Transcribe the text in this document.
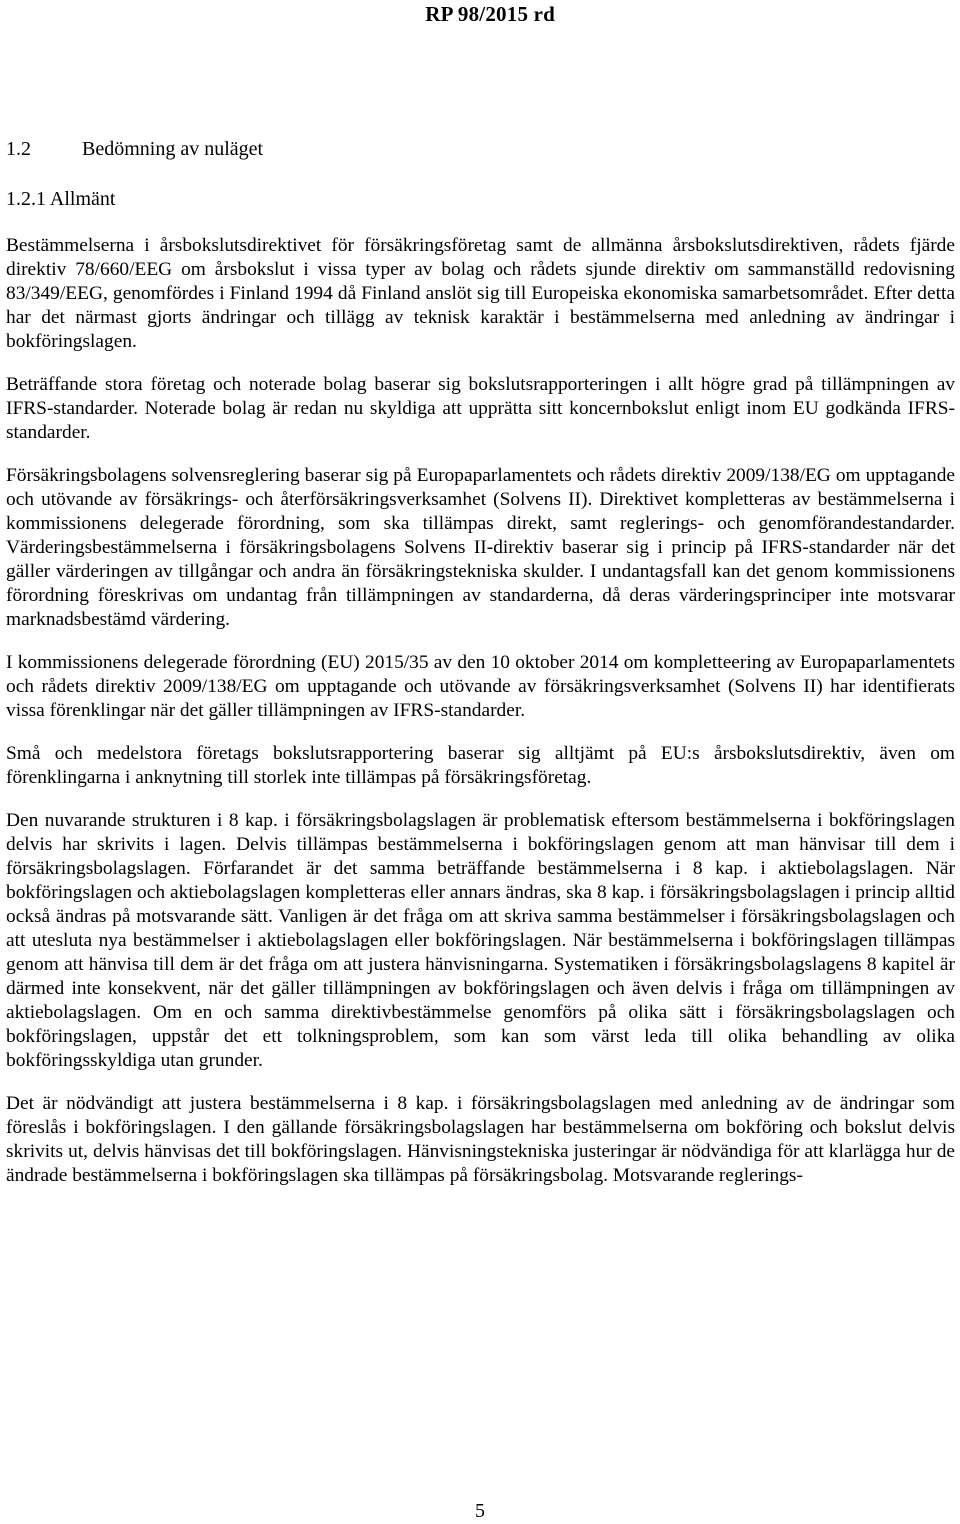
RP 98/2015 rd
1.2	Bedömning av nuläget
1.2.1 Allmänt

Bestämmelserna i årsbokslutsdirektivet för försäkringsföretag samt de allmänna årsbokslutsdirektiven, rådets fjärde direktiv 78/660/EEG om årsbokslut i vissa typer av bolag och rådets sjunde direktiv om sammanställd redovisning 83/349/EEG, genomfördes i Finland 1994 då Finland anslöt sig till Europeiska ekonomiska samarbetsområdet. Efter detta har det närmast gjorts ändringar och tillägg av teknisk karaktär i bestämmelserna med anledning av ändringar i bokföringslagen.

Beträffande stora företag och noterade bolag baserar sig bokslutsrapporteringen i allt högre grad på tillämpningen av IFRS-standarder. Noterade bolag är redan nu skyldiga att upprätta sitt koncernbokslut enligt inom EU godkända IFRS-standarder.

Försäkringsbolagens solvensreglering baserar sig på Europaparlamentets och rådets direktiv 2009/138/EG om upptagande och utövande av försäkrings- och återförsäkringsverksamhet (Solvens II). Direktivet kompletteras av bestämmelserna i kommissionens delegerade förordning, som ska tillämpas direkt, samt reglerings- och genomförandestandarder. Värderingsbestämmelserna i försäkringsbolagens Solvens II-direktiv baserar sig i princip på IFRS-standarder när det gäller värderingen av tillgångar och andra än försäkringstekniska skulder. I undantagsfall kan det genom kommissionens förordning föreskrivas om undantag från tillämpningen av standarderna, då deras värderingsprinciper inte motsvarar marknadsbestämd värdering.

I kommissionens delegerade förordning (EU) 2015/35 av den 10 oktober 2014 om kompletteering av Europaparlamentets och rådets direktiv 2009/138/EG om upptagande och utövande av försäkringsverksamhet (Solvens II) har identifierats vissa förenklingar när det gäller tillämpningen av IFRS-standarder.

Små och medelstora företags bokslutsrapportering baserar sig alltjämt på EU:s årsbokslutsdirektiv, även om förenklingarna i anknytning till storlek inte tillämpas på försäkringsföretag.

Den nuvarande strukturen i 8 kap. i försäkringsbolagslagen är problematisk eftersom bestämmelserna i bokföringslagen delvis har skrivits i lagen. Delvis tillämpas bestämmelserna i bokföringslagen genom att man hänvisar till dem i försäkringsbolagslagen. Förfarandet är det samma beträffande bestämmelserna i 8 kap. i aktiebolagslagen. När bokföringslagen och aktiebolagslagen kompletteras eller annars ändras, ska 8 kap. i försäkringsbolagslagen i princip alltid också ändras på motsvarande sätt. Vanligen är det fråga om att skriva samma bestämmelser i försäkringsbolagslagen och att utesluta nya bestämmelser i aktiebolagslagen eller bokföringslagen. När bestämmelserna i bokföringslagen tillämpas genom att hänvisa till dem är det fråga om att justera hänvisningarna. Systematiken i försäkringsbolagslagens 8 kapitel är därmed inte konsekvent, när det gäller tillämpningen av bokföringslagen och även delvis i fråga om tillämpningen av aktiebolagslagen. Om en och samma direktivbestämmelse genomförs på olika sätt i försäkringsbolagslagen och bokföringslagen, uppstår det ett tolkningsproblem, som kan som värst leda till olika behandling av olika bokföringsskyldiga utan grunder.

Det är nödvändigt att justera bestämmelserna i 8 kap. i försäkringsbolagslagen med anledning av de ändringar som föreslås i bokföringslagen. I den gällande försäkringsbolagslagen har bestämmelserna om bokföring och bokslut delvis skrivits ut, delvis hänvisas det till bokföringslagen. Hänvisningstekniska justeringar är nödvändiga för att klarlägga hur de ändrade bestämmelserna i bokföringslagen ska tillämpas på försäkringsbolag. Motsvarande reglerings-

5
